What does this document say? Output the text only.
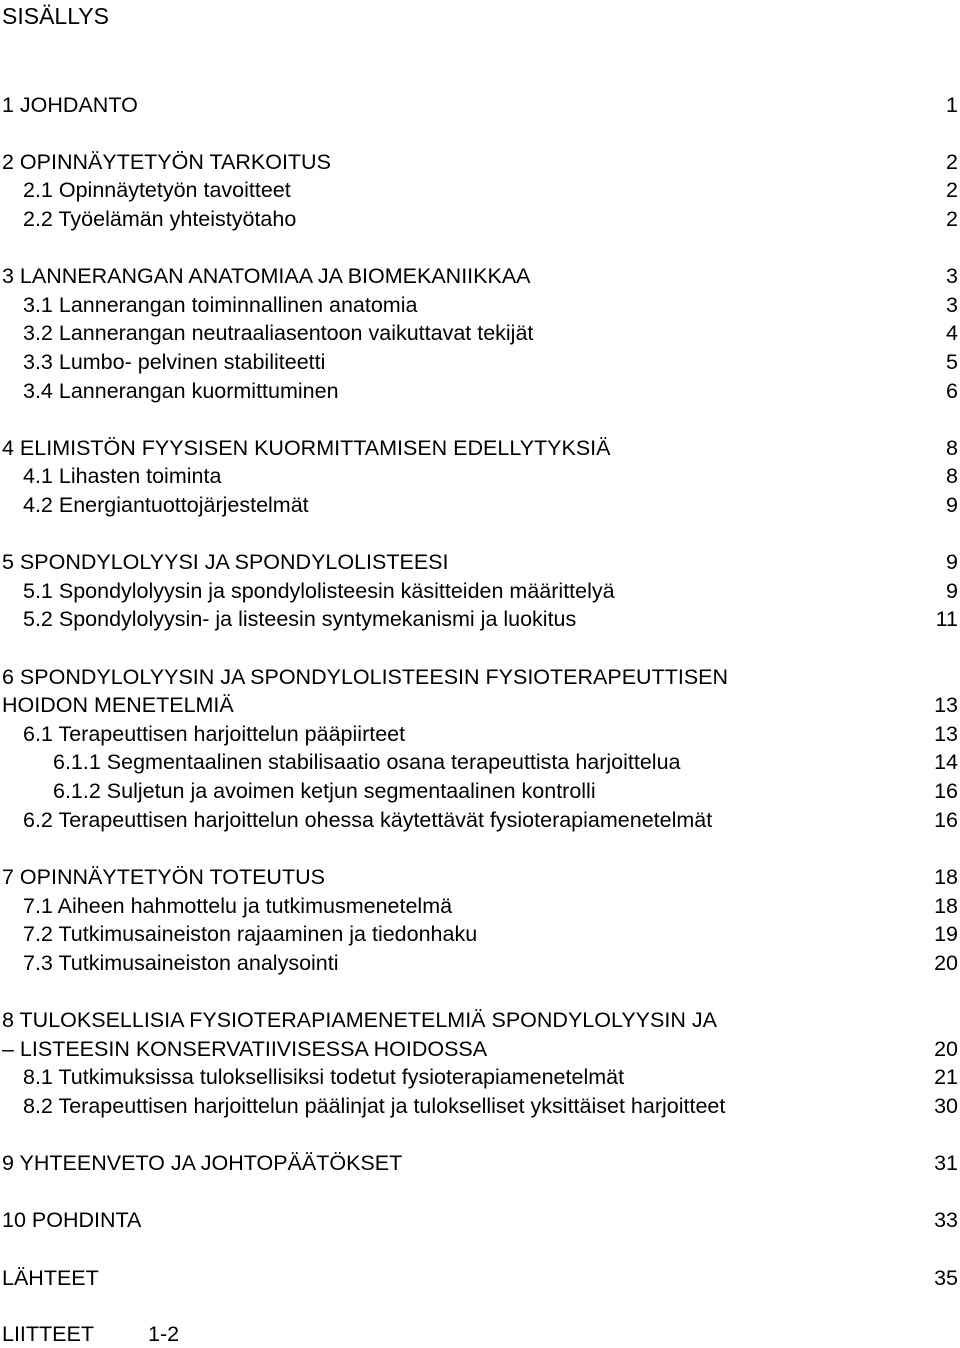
SISÄLLYS
1 JOHDANTO	1
2 OPINNÄYTETYÖN TARKOITUS	2
2.1 Opinnäytetyön tavoitteet	2
2.2 Työelämän yhteistyötaho	2
3 LANNERANGAN ANATOMIAA JA BIOMEKANIIKKAA	3
3.1 Lannerangan toiminnallinen anatomia	3
3.2 Lannerangan neutraaliasentoon vaikuttavat tekijät	4
3.3 Lumbo- pelvinen stabiliteetti	5
3.4 Lannerangan kuormittuminen	6
4 ELIMISTÖN FYYSISEN KUORMITTAMISEN EDELLYTYKSIÄ	8
4.1 Lihasten toiminta	8
4.2 Energiantuottojärjestelmät	9
5 SPONDYLOLYYSI JA SPONDYLOLISTEESI	9
5.1 Spondylolyysin ja spondylolisteesin käsitteiden määrittelyä	9
5.2 Spondylolyysin- ja listeesin syntymekanismi ja luokitus	11
6 SPONDYLOLYYSIN JA SPONDYLOLISTEESIN FYSIOTERAPEUTTISEN
HOIDON MENETELMIÄ	13
6.1 Terapeuttisen harjoittelun pääpiirteet	13
6.1.1 Segmentaalinen stabilisaatio osana terapeuttista harjoittelua	14
6.1.2 Suljetun ja avoimen ketjun segmentaalinen kontrolli	16
6.2 Terapeuttisen harjoittelun ohessa käytettävät fysioterapiamenetelmät	16
7 OPINNÄYTETYÖN TOTEUTUS	18
7.1 Aiheen hahmottelu ja tutkimusmenetelmä	18
7.2 Tutkimusaineiston rajaaminen ja tiedonhaku	19
7.3 Tutkimusaineiston analysointi	20
8 TULOKSELLISIA FYSIOTERAPIAMENETELMIÄ SPONDYLOLYYSIN JA
– LISTEESIN KONSERVATIIVISESSA HOIDOSSA	20
8.1 Tutkimuksissa tuloksellisiksi todetut fysioterapiamenetelmät	21
8.2 Terapeuttisen harjoittelun päälinjat ja tulokselliset yksittäiset harjoitteet	30
9 YHTEENVETO JA JOHTOPÄÄTÖKSET	31
10 POHDINTA	33
LÄHTEET	35
LIITTEET	1-2
